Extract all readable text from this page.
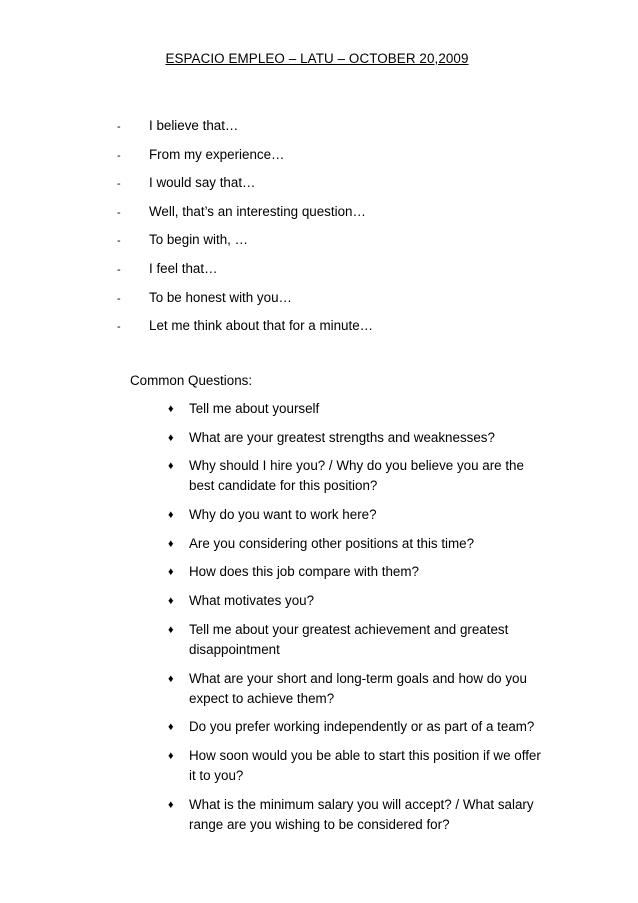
ESPACIO EMPLEO – LATU – OCTOBER 20,2009
- I believe that…
- From my experience…
- I would say that…
- Well, that’s an interesting question…
- To begin with, …
- I feel that…
- To be honest with you…
- Let me think about that for a minute…
Common Questions:
♦	Tell me about yourself
♦	What are your greatest strengths and weaknesses?
♦	Why should I hire you? / Why do you believe you are the best candidate for this position?
♦	Why do you want to work here?
♦	Are you considering other positions at this time?
♦	How does this job compare with them?
♦	What motivates you?
♦	Tell me about your greatest achievement and greatest disappointment
♦	What are your short and long-term goals and how do you expect to achieve them?
♦	Do you prefer working independently or as part of a team?
♦	How soon would you be able to start this position if we offer it to you?
♦	What is the minimum salary you will accept? / What salary range are you wishing to be considered for?
